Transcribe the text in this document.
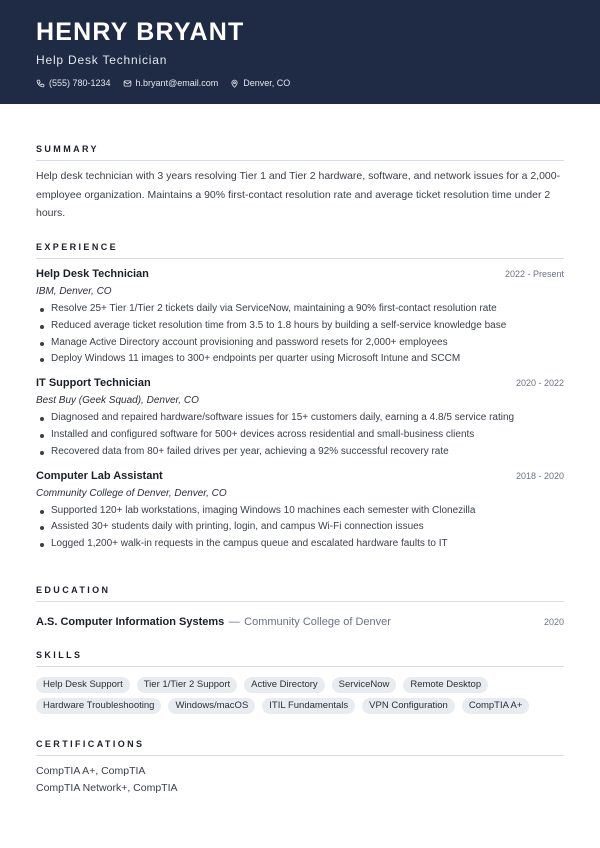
HENRY BRYANT
Help Desk Technician
(555) 780-1234	h.bryant@email.com	Denver, CO
SUMMARY
Help desk technician with 3 years resolving Tier 1 and Tier 2 hardware, software, and network issues for a 2,000-employee organization. Maintains a 90% first-contact resolution rate and average ticket resolution time under 2 hours.
EXPERIENCE
Help Desk Technician	2022 - Present
IBM, Denver, CO
Resolve 25+ Tier 1/Tier 2 tickets daily via ServiceNow, maintaining a 90% first-contact resolution rate
Reduced average ticket resolution time from 3.5 to 1.8 hours by building a self-service knowledge base
Manage Active Directory account provisioning and password resets for 2,000+ employees
Deploy Windows 11 images to 300+ endpoints per quarter using Microsoft Intune and SCCM
IT Support Technician	2020 - 2022
Best Buy (Geek Squad), Denver, CO
Diagnosed and repaired hardware/software issues for 15+ customers daily, earning a 4.8/5 service rating
Installed and configured software for 500+ devices across residential and small-business clients
Recovered data from 80+ failed drives per year, achieving a 92% successful recovery rate
Computer Lab Assistant	2018 - 2020
Community College of Denver, Denver, CO
Supported 120+ lab workstations, imaging Windows 10 machines each semester with Clonezilla
Assisted 30+ students daily with printing, login, and campus Wi-Fi connection issues
Logged 1,200+ walk-in requests in the campus queue and escalated hardware faults to IT
EDUCATION
A.S. Computer Information Systems — Community College of Denver	2020
SKILLS
Help Desk Support	Tier 1/Tier 2 Support	Active Directory	ServiceNow	Remote Desktop
Hardware Troubleshooting	Windows/macOS	ITIL Fundamentals	VPN Configuration	CompTIA A+
CERTIFICATIONS
CompTIA A+, CompTIA
CompTIA Network+, CompTIA
